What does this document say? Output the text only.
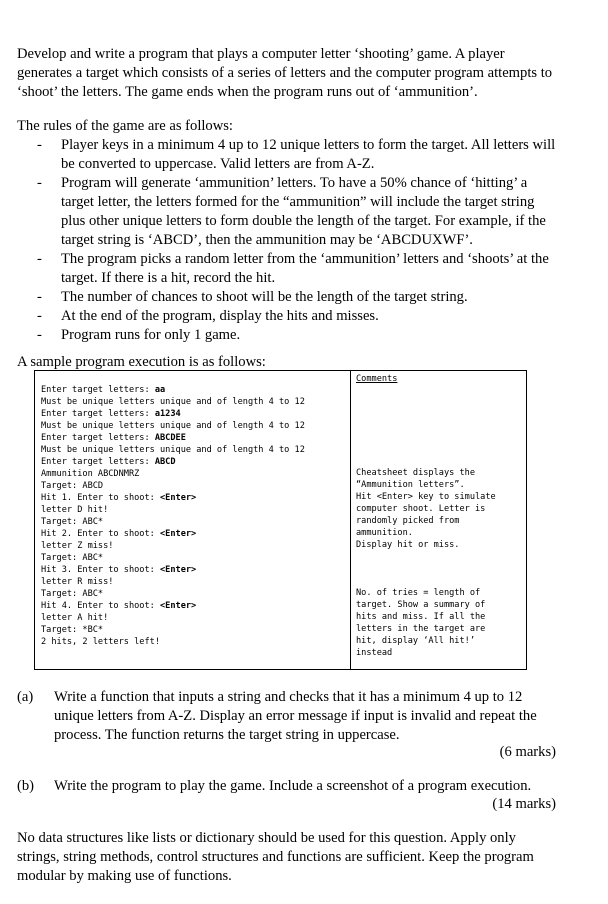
Develop and write a program that plays a computer letter ‘shooting’ game. A player generates a target which consists of a series of letters and the computer program attempts to ‘shoot’ the letters. The game ends when the program runs out of ‘ammunition’.

The rules of the game are as follows:

- Player keys in a minimum 4 up to 12 unique letters to form the target. All letters will be converted to uppercase. Valid letters are from A-Z.
- Program will generate ‘ammunition’ letters. To have a 50% chance of ‘hitting’ a target letter, the letters formed for the “ammunition” will include the target string plus other unique letters to form double the length of the target. For example, if the target string is ‘ABCD’, then the ammunition may be ‘ABCDUXWF’.
- The program picks a random letter from the ‘ammunition’ letters and ‘shoots’ at the target. If there is a hit, record the hit.
- The number of chances to shoot will be the length of the target string.
- At the end of the program, display the hits and misses.
- Program runs for only 1 game.

A sample program execution is as follows:

Enter target letters: aa
Must be unique letters unique and of length 4 to 12
Enter target letters: a1234
Must be unique letters unique and of length 4 to 12
Enter target letters: ABCDEE
Must be unique letters unique and of length 4 to 12
Enter target letters: ABCD
Ammunition ABCDNMRZ
Target: ABCD
Hit 1. Enter to shoot: <Enter>
letter D hit!
Target: ABC*
Hit 2. Enter to shoot: <Enter>
letter Z miss!
Target: ABC*
Hit 3. Enter to shoot: <Enter>
letter R miss!
Target: ABC*
Hit 4. Enter to shoot: <Enter>
letter A hit!
Target: *BC*
2 hits, 2 letters left!
Comments
Cheatsheet displays the
“Ammunition letters”.
Hit <Enter> key to simulate
computer shoot. Letter is
randomly picked from
ammunition.
Display hit or miss.
No. of tries = length of
target. Show a summary of
hits and miss. If all the
letters in the target are
hit, display ‘All hit!’
instead
(a) Write a function that inputs a string and checks that it has a minimum 4 up to 12 unique letters from A-Z. Display an error message if input is invalid and repeat the process. The function returns the target string in uppercase.

(6 marks)
(b) Write the program to play the game. Include a screenshot of a program execution.

(14 marks)

No data structures like lists or dictionary should be used for this question. Apply only strings, string methods, control structures and functions are sufficient. Keep the program modular by making use of functions.
